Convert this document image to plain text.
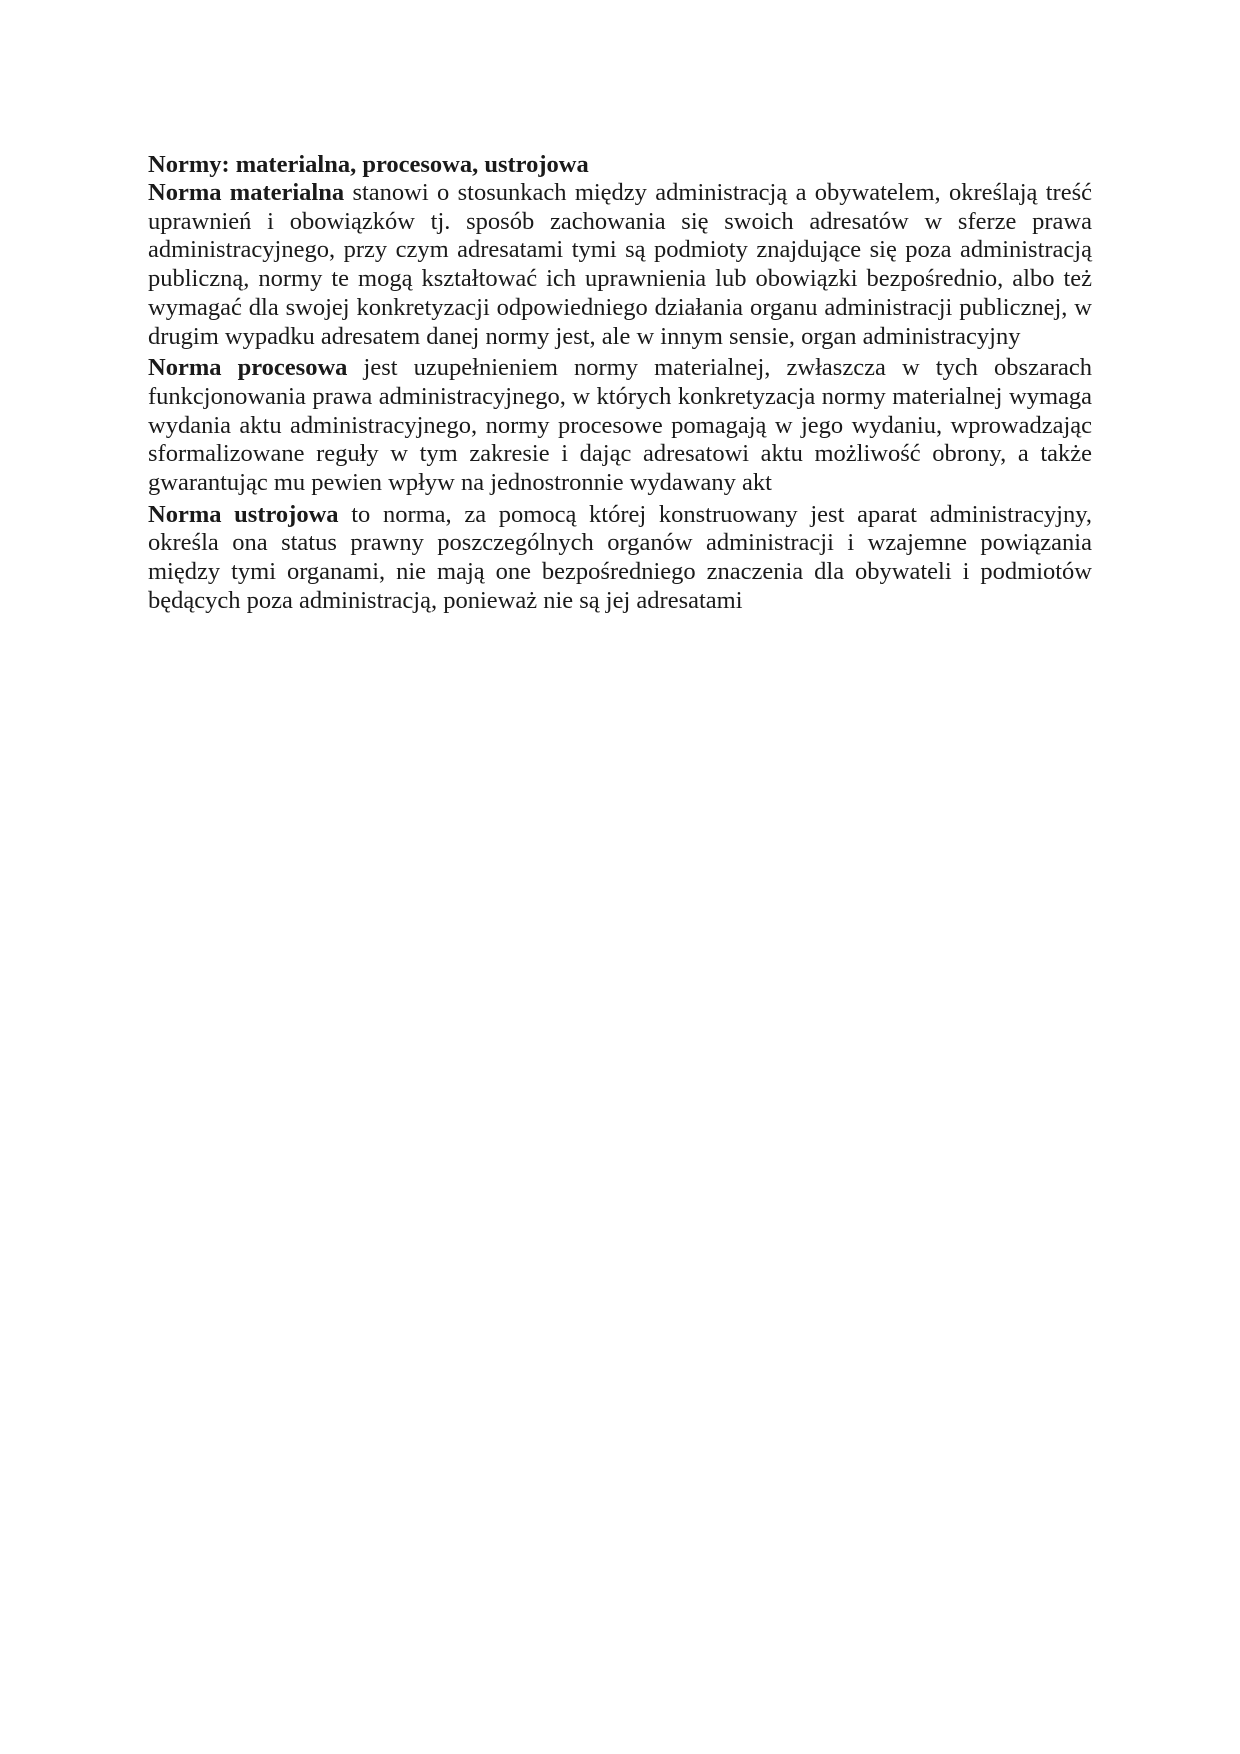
Normy: materialna, procesowa, ustrojowa

Norma materialna stanowi o stosunkach między administracją a obywatelem, określają treść uprawnień i obowiązków tj. sposób zachowania się swoich adresatów w sferze prawa administracyjnego, przy czym adresatami tymi są podmioty znajdujące się poza administracją publiczną, normy te mogą kształtować ich uprawnienia lub obowiązki bezpośrednio, albo też wymagać dla swojej konkretyzacji odpowiedniego działania organu administracji publicznej, w drugim wypadku adresatem danej normy jest, ale w innym sensie, organ administracyjny

Norma procesowa jest uzupełnieniem normy materialnej, zwłaszcza w tych obszarach funkcjonowania prawa administracyjnego, w których konkretyzacja normy materialnej wymaga wydania aktu administracyjnego, normy procesowe pomagają w jego wydaniu, wprowadzając sformalizowane reguły w tym zakresie i dając adresatowi aktu możliwość obrony, a także gwarantując mu pewien wpływ na jednostronnie wydawany akt

Norma ustrojowa to norma, za pomocą której konstruowany jest aparat administracyjny, określa ona status prawny poszczególnych organów administracji i wzajemne powiązania między tymi organami, nie mają one bezpośredniego znaczenia dla obywateli i podmiotów będących poza administracją, ponieważ nie są jej adresatami
